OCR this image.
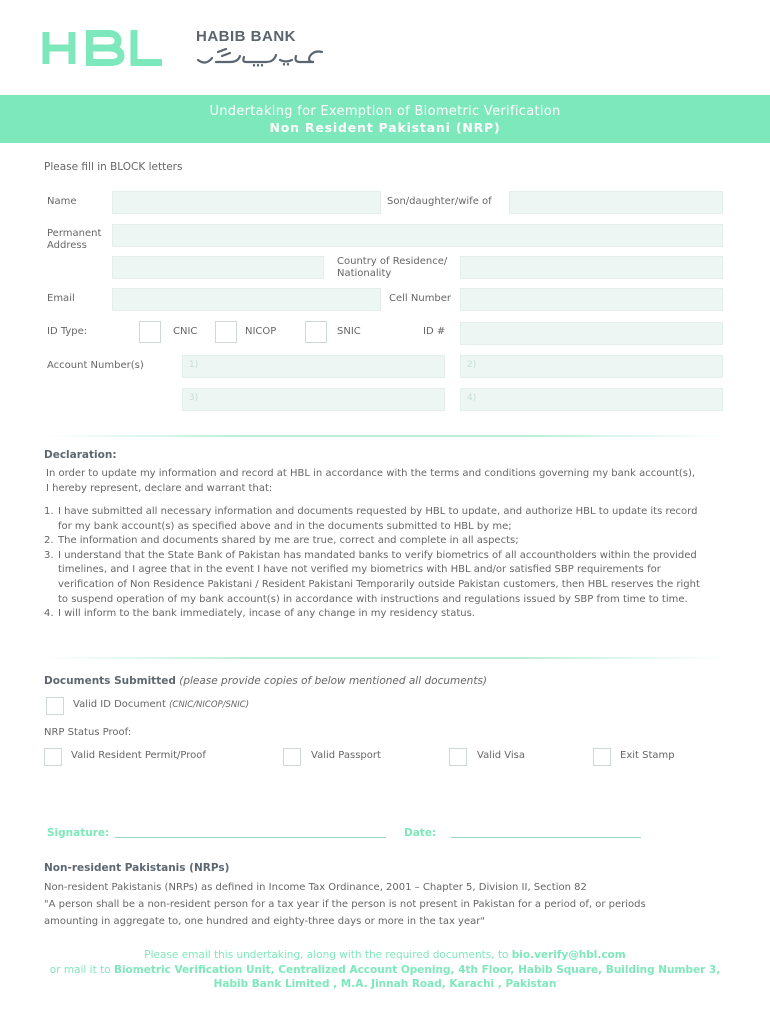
HABIB BANK
Undertaking for Exemption of Biometric Verification
Non Resident Pakistani (NRP)
Please fill in BLOCK letters
Name	Son/daughter/wife of
Permanent
Address
Country of Residence/
Nationality
Email	Cell Number
ID Type:	CNIC	NICOP	SNIC	ID #
Account Number(s)	1)	2)
3)	4)
Declaration:
In order to update my information and record at HBL in accordance with the terms and conditions governing my bank account(s),
I hereby represent, declare and warrant that:
1. I have submitted all necessary information and documents requested by HBL to update, and authorize HBL to update its record
for my bank account(s) as specified above and in the documents submitted to HBL by me;
2. The information and documents shared by me are true, correct and complete in all aspects;
3. I understand that the State Bank of Pakistan has mandated banks to verify biometrics of all accountholders within the provided
timelines, and I agree that in the event I have not verified my biometrics with HBL and/or satisfied SBP requirements for
verification of Non Residence Pakistani / Resident Pakistani Temporarily outside Pakistan customers, then HBL reserves the right
to suspend operation of my bank account(s) in accordance with instructions and regulations issued by SBP from time to time.
4. I will inform to the bank immediately, incase of any change in my residency status.
Documents Submitted (please provide copies of below mentioned all documents)
Valid ID Document (CNIC/NICOP/SNIC)
NRP Status Proof:
Valid Resident Permit/Proof	Valid Passport	Valid Visa	Exit Stamp
Signature:	Date:
Non-resident Pakistanis (NRPs)
Non-resident Pakistanis (NRPs) as defined in Income Tax Ordinance, 2001 – Chapter 5, Division II, Section 82
"A person shall be a non-resident person for a tax year if the person is not present in Pakistan for a period of, or periods
amounting in aggregate to, one hundred and eighty-three days or more in the tax year"
Please email this undertaking, along with the required documents, to bio.verify@hbl.com
or mail it to Biometric Verification Unit, Centralized Account Opening, 4th Floor, Habib Square, Building Number 3,
Habib Bank Limited , M.A. Jinnah Road, Karachi , Pakistan
